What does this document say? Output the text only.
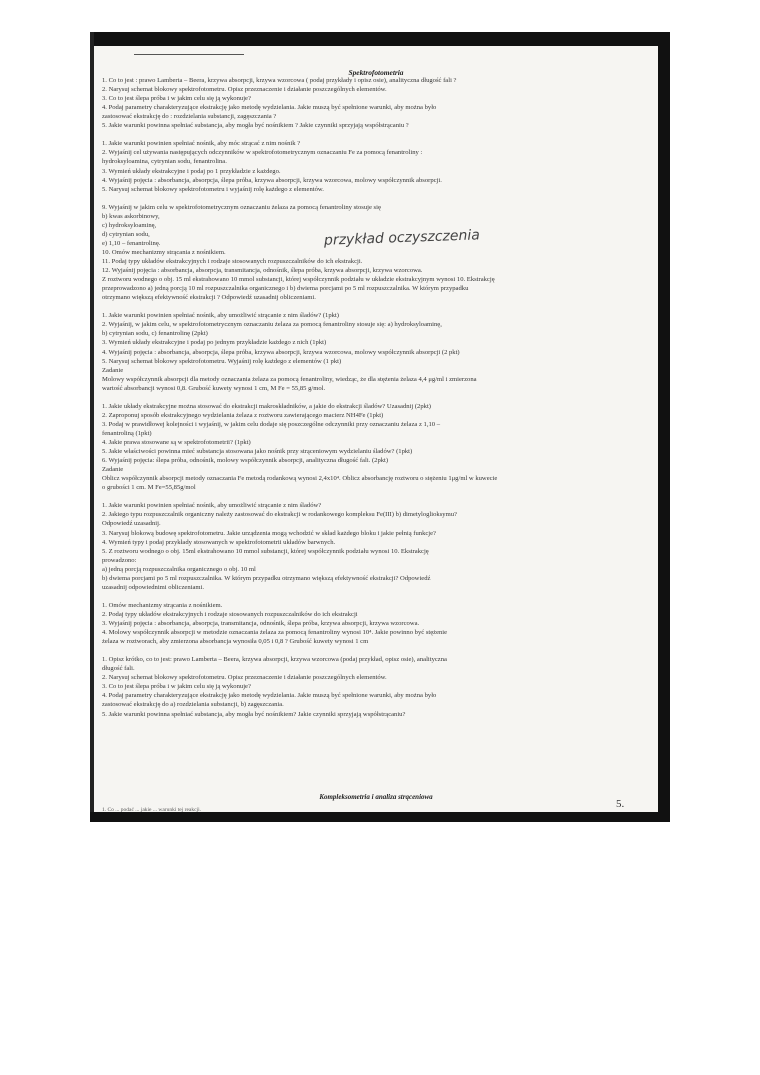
Spektrofotometria
1. Co to jest : prawo Lamberta – Beera, krzywa absorpcji, krzywa wzorcowa ( podaj przykłady i opisz osie), analityczna długość fali ?
2. Narysuj schemat blokowy spektrofotometru. Opisz przeznaczenie i działanie poszczególnych elementów.
3. Co to jest ślepa próba i w jakim celu się ją wykonuje?
4. Podaj parametry charakteryzujące ekstrakcję jako metodę wydzielania. Jakie muszą być spełnione warunki, aby można było
zastosować ekstrakcję do : rozdzielania substancji, zagęszczania ?
5. Jakie warunki powinna spełniać substancja, aby mogła być nośnikiem ? Jakie czynniki sprzyjają współstrącaniu ?
1. Jakie warunki powinien spełniać nośnik, aby móc strącać z nim nośnik ?
2. Wyjaśnij cel używania następujących odczynników w spektrofotometrycznym oznaczaniu Fe za pomocą fenantroliny :
hydroksyloamina, cytrynian sodu, fenantrolina.
3. Wymień układy ekstrakcyjne i podaj po 1 przykładzie z każdego.
4. Wyjaśnij pojęcia : absorbancja, absorpcja, ślepa próba, krzywa absorpcji, krzywa wzorcowa, molowy współczynnik absorpcji.
5. Narysuj schemat blokowy spektrofotometru i wyjaśnij rolę każdego z elementów.
9. Wyjaśnij w jakim celu w spektrofotometrycznym oznaczaniu żelaza za pomocą fenantroliny stosuje się
b) kwas askorbinowy,
c) hydroksyloaminę,
d) cytrynian sodu,
e) 1,10 – fenantrolinę.
10. Omów mechanizmy strącania z nośnikiem.
11. Podaj typy układów ekstrakcyjnych i rodzaje stosowanych rozpuszczalników do ich ekstrakcji.
12. Wyjaśnij pojęcia : absorbancja, absorpcja, transmitancja, odnośnik, ślepa próba, krzywa absorpcji, krzywa wzorcowa.
Z roztworu wodnego o obj. 15 ml ekstrahowano 10 mmol substancji, której współczynnik podziału w układzie ekstrakcyjnym wynosi 10. Ekstrakcję
przeprowadzono a) jedną porcją 10 ml rozpuszczalnika organicznego i b) dwiema porcjami po 5 ml rozpuszczalnika. W którym przypadku
otrzymano większą efektywność ekstrakcji ? Odpowiedź uzasadnij obliczeniami.
1. Jakie warunki powinien spełniać nośnik, aby umożliwić strącanie z nim śladów? (1pkt)
2. Wyjaśnij, w jakim celu, w spektrofotometrycznym oznaczaniu żelaza za pomocą fenantroliny stosuje się: a) hydroksyloaminę,
b) cytrynian sodu, c) fenantrolinę (2pkt)
3. Wymień układy ekstrakcyjne i podaj po jednym przykładzie każdego z nich (1pkt)
4. Wyjaśnij pojęcia : absorbancja, absorpcja, ślepa próba, krzywa absorpcji, krzywa wzorcowa, molowy współczynnik absorpcji (2 pkt)
5. Narysuj schemat blokowy spektrofotometru. Wyjaśnij rolę każdego z elementów (1 pkt)
Zadanie
Molowy współczynnik absorpcji dla metody oznaczania żelaza za pomocą fenantroliny, wiedząc, że dla stężenia żelaza 4,4 μg/ml i zmierzona
wartość absorbancji wynosi 0,8. Grubość kuwety wynosi 1 cm, M Fe = 55,85 g/mol.
1. Jakie układy ekstrakcyjne można stosować do ekstrakcji makroskładników, a jakie do ekstrakcji śladów? Uzasadnij (2pkt)
2. Zaproponuj sposób ekstrakcyjnego wydzielania żelaza z roztworu zawierającego macierz NH4Fe (1pkt)
3. Podaj w prawidłowej kolejności i wyjaśnij, w jakim celu dodaje się poszczególne odczynniki przy oznaczaniu żelaza z 1,10 –
fenantroliną (1pkt)
4. Jakie prawa stosowane są w spektrofotometrii? (1pkt)
5. Jakie właściwości powinna mieć substancja stosowana jako nośnik przy strąceniowym wydzielaniu śladów? (1pkt)
6. Wyjaśnij pojęcia: ślepa próba, odnośnik, molowy współczynnik absorpcji, analityczna długość fali. (2pkt)
Zadanie
Oblicz współczynnik absorpcji metody oznaczania Fe metodą rodankową wynosi 2,4x10⁴. Oblicz absorbancję roztworu o stężeniu 1μg/ml w kuwecie
o grubości 1 cm. M Fe=55,85g/mol
1. Jakie warunki powinien spełniać nośnik, aby umożliwić strącanie z nim śladów?
2. Jakiego typu rozpuszczalnik organiczny należy zastosować do ekstrakcji w rodankowego kompleksu Fe(III) b) dimetyloglioksymu?
Odpowiedź uzasadnij.
3. Narysuj blokową budowę spektrofotometru. Jakie urządzenia mogą wchodzić w skład każdego bloku i jakie pełnią funkcje?
4. Wymień typy i podaj przykłady stosowanych w spektrofotometrii układów barwnych.
5. Z roztworu wodnego o obj. 15ml ekstrahowano 10 mmol substancji, której współczynnik podziału wynosi 10. Ekstrakcję
prowadzono:
a) jedną porcją rozpuszczalnika organicznego o obj. 10 ml
b) dwiema porcjami po 5 ml rozpuszczalnika. W którym przypadku otrzymano większą efektywność ekstrakcji? Odpowiedź
uzasadnij odpowiednimi obliczeniami.
1. Omów mechanizmy strącania z nośnikiem.
2. Podaj typy układów ekstrakcyjnych i rodzaje stosowanych rozpuszczalników do ich ekstrakcji
3. Wyjaśnij pojęcia : absorbancja, absorpcja, transmitancja, odnośnik, ślepa próba, krzywa absorpcji, krzywa wzorcowa.
4. Molowy współczynnik absorpcji w metodzie oznaczania żelaza za pomocą fenantroliny wynosi 10⁴. Jakie powinno być stężenie
żelaza w roztworach, aby zmierzona absorbancja wynosiła 0,05 i 0,8 ? Grubość kuwety wynosi 1 cm
1. Opisz krótko, co to jest: prawo Lamberta – Beera, krzywa absorpcji, krzywa wzorcowa (podaj przykład, opisz osie), analityczna
długość fali.
2. Narysuj schemat blokowy spektrofotometru. Opisz przeznaczenie i działanie poszczególnych elementów.
3. Co to jest ślepa próba i w jakim celu się ją wykonuje?
4. Podaj parametry charakteryzujące ekstrakcję jako metodę wydzielania. Jakie muszą być spełnione warunki, aby można było
zastosować ekstrakcję do a) rozdzielania substancji, b) zagęszczania.
5. Jakie warunki powinna spełniać substancja, aby mogła być nośnikiem? Jakie czynniki sprzyjają współstrącaniu?
przykład oczyszczenia
Kompleksometria i analiza strąceniowa
1. Co ... podać ... jakie ... warunki tej reakcji.	5.
